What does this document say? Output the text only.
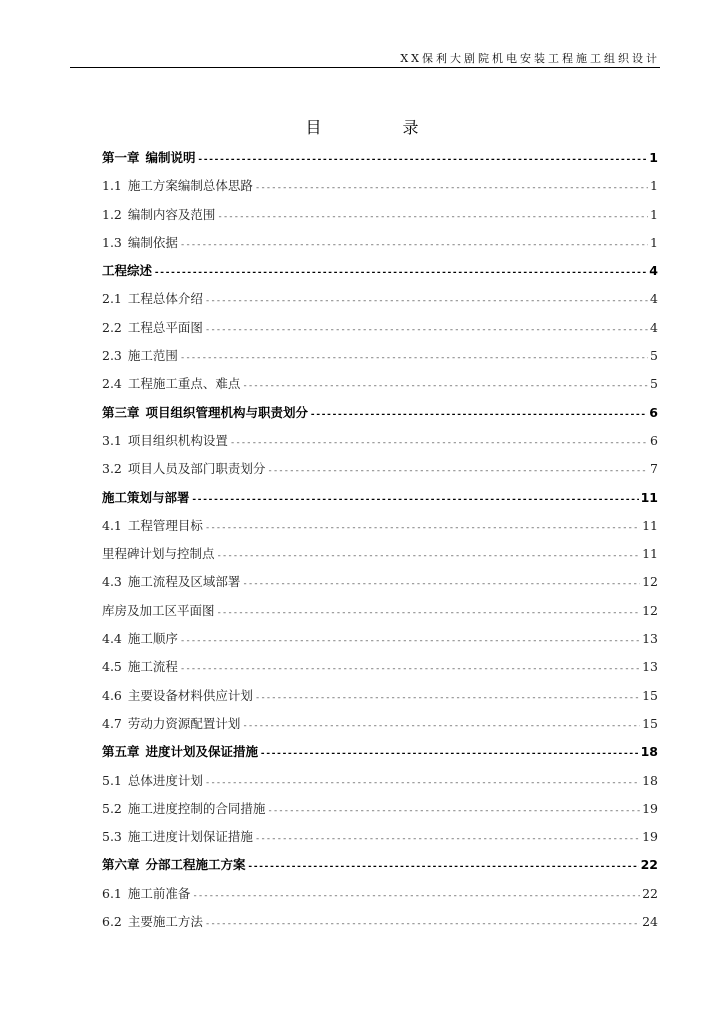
XX保利大剧院机电安装工程施工组织设计
目 录
第一章 编制说明 -----	1
1.1 施工方案编制总体思路 -----	1
1.2 编制内容及范围 -----	1
1.3 编制依据 -----	1
工程综述 -----	4
2.1 工程总体介绍 -----	4
2.2 工程总平面图 -----	4
2.3 施工范围 -----	5
2.4 工程施工重点、难点 -----	5
第三章 项目组织管理机构与职责划分 -----	6
3.1 项目组织机构设置 -----	6
3.2 项目人员及部门职责划分 -----	7
施工策划与部署 -----	11
4.1 工程管理目标 -----	11
里程碑计划与控制点 -----	11
4.3 施工流程及区域部署 -----	12
库房及加工区平面图 -----	12
4.4 施工顺序 -----	13
4.5 施工流程 -----	13
4.6 主要设备材料供应计划 -----	15
4.7 劳动力资源配置计划 -----	15
第五章 进度计划及保证措施 -----	18
5.1 总体进度计划 -----	18
5.2 施工进度控制的合同措施 -----	19
5.3 施工进度计划保证措施 -----	19
第六章 分部工程施工方案 -----	22
6.1 施工前准备 -----	22
6.2 主要施工方法 -----	24
